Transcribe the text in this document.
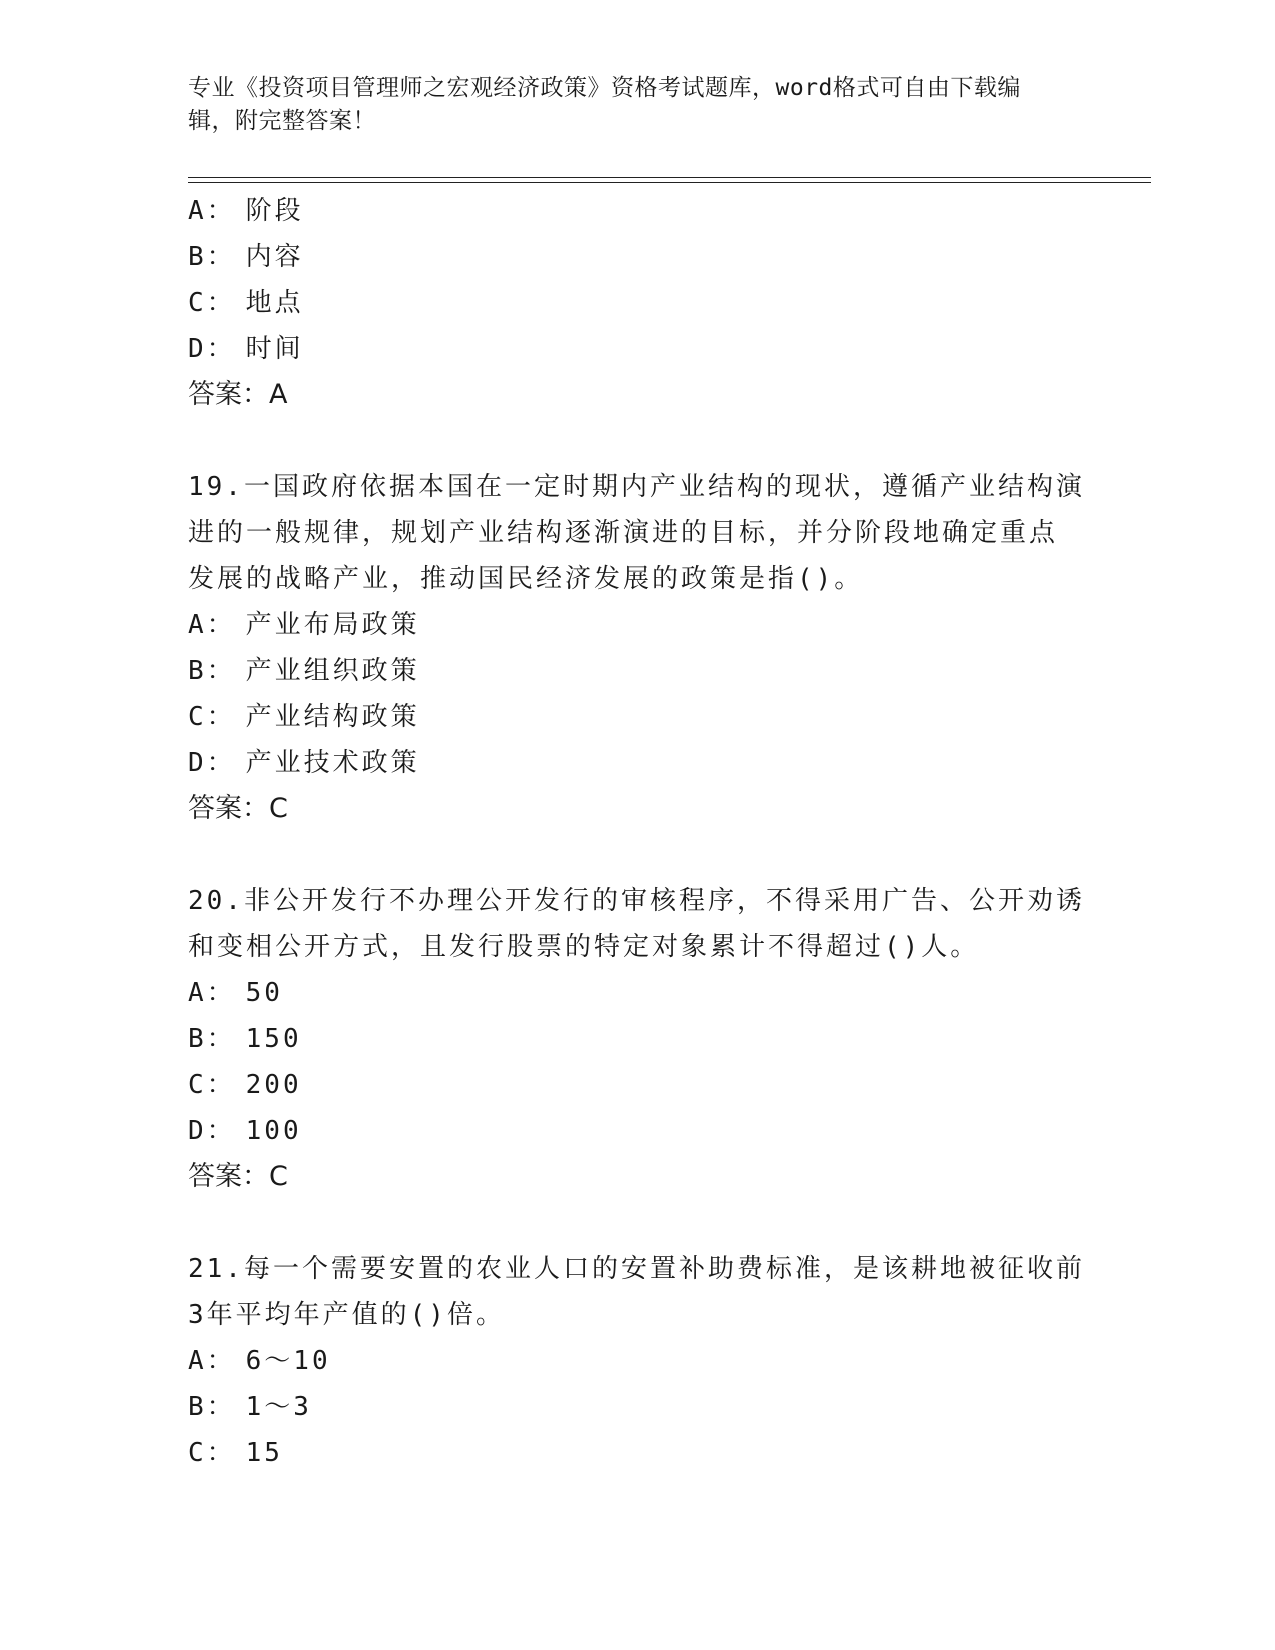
专业《投资项目管理师之宏观经济政策》资格考试题库，word格式可自由下载编
辑，附完整答案！
A： 阶段
B： 内容
C： 地点
D： 时间
答案：A
19.一国政府依据本国在一定时期内产业结构的现状，遵循产业结构演
进的一般规律，规划产业结构逐渐演进的目标，并分阶段地确定重点
发展的战略产业，推动国民经济发展的政策是指()。
A： 产业布局政策
B： 产业组织政策
C： 产业结构政策
D： 产业技术政策
答案：C
20.非公开发行不办理公开发行的审核程序，不得采用广告、公开劝诱
和变相公开方式，且发行股票的特定对象累计不得超过()人。
A： 50
B： 150
C： 200
D： 100
答案：C
21.每一个需要安置的农业人口的安置补助费标准，是该耕地被征收前
3年平均年产值的()倍。
A： 6～10
B： 1～3
C： 15
